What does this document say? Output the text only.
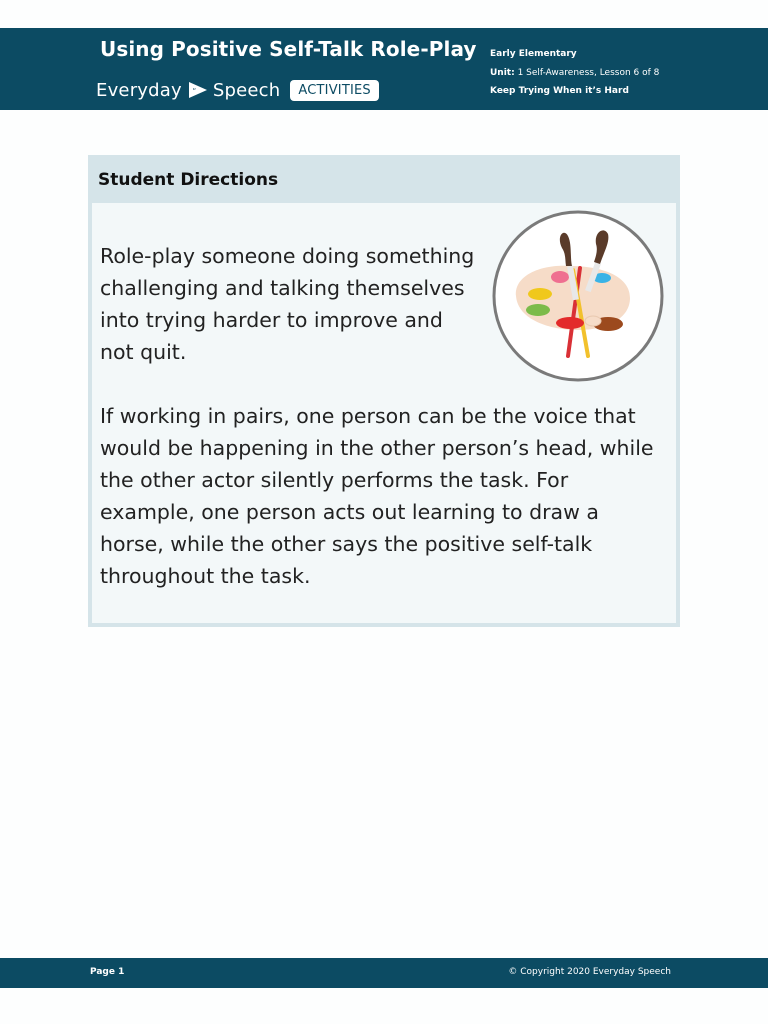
Using Positive Self-Talk Role-Play
Everyday “ Speech	ACTIVITIES
Early Elementary
Unit: 1 Self-Awareness, Lesson 6 of 8
Keep Trying When it’s Hard
Student Directions

Role-play someone doing something challenging and talking themselves into trying harder to improve and not quit.

If working in pairs, one person can be the voice that would be happening in the other person’s head, while the other actor silently performs the task. For example, one person acts out learning to draw a horse, while the other says the positive self-talk throughout the task.

Page 1	© Copyright 2020 Everyday Speech
